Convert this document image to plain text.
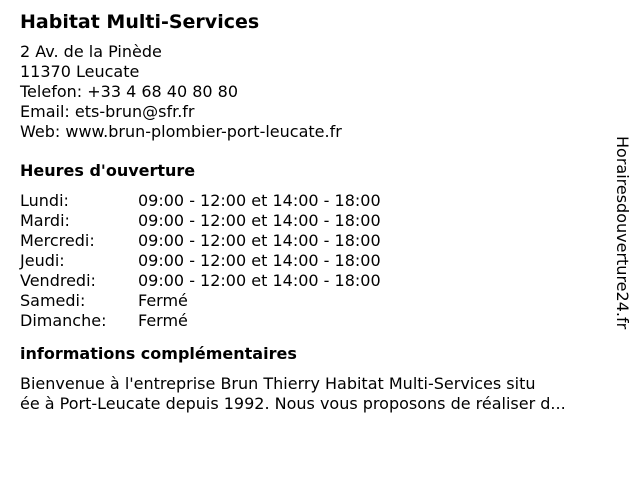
Habitat Multi-Services
2 Av. de la Pinède
11370 Leucate
Telefon: +33 4 68 40 80 80
Email: ets-brun@sfr.fr
Web: www.brun-plombier-port-leucate.fr
Heures d'ouverture
Lundi:	09:00 - 12:00 et 14:00 - 18:00
Mardi:	09:00 - 12:00 et 14:00 - 18:00
Mercredi:	09:00 - 12:00 et 14:00 - 18:00
Jeudi:	09:00 - 12:00 et 14:00 - 18:00
Vendredi:	09:00 - 12:00 et 14:00 - 18:00
Samedi:	Fermé
Dimanche:	Fermé
informations complémentaires
Bienvenue à l'entreprise Brun Thierry Habitat Multi-Services situ
ée à Port-Leucate depuis 1992. Nous vous proposons de réaliser d...
Horairesdouverture24.fr
